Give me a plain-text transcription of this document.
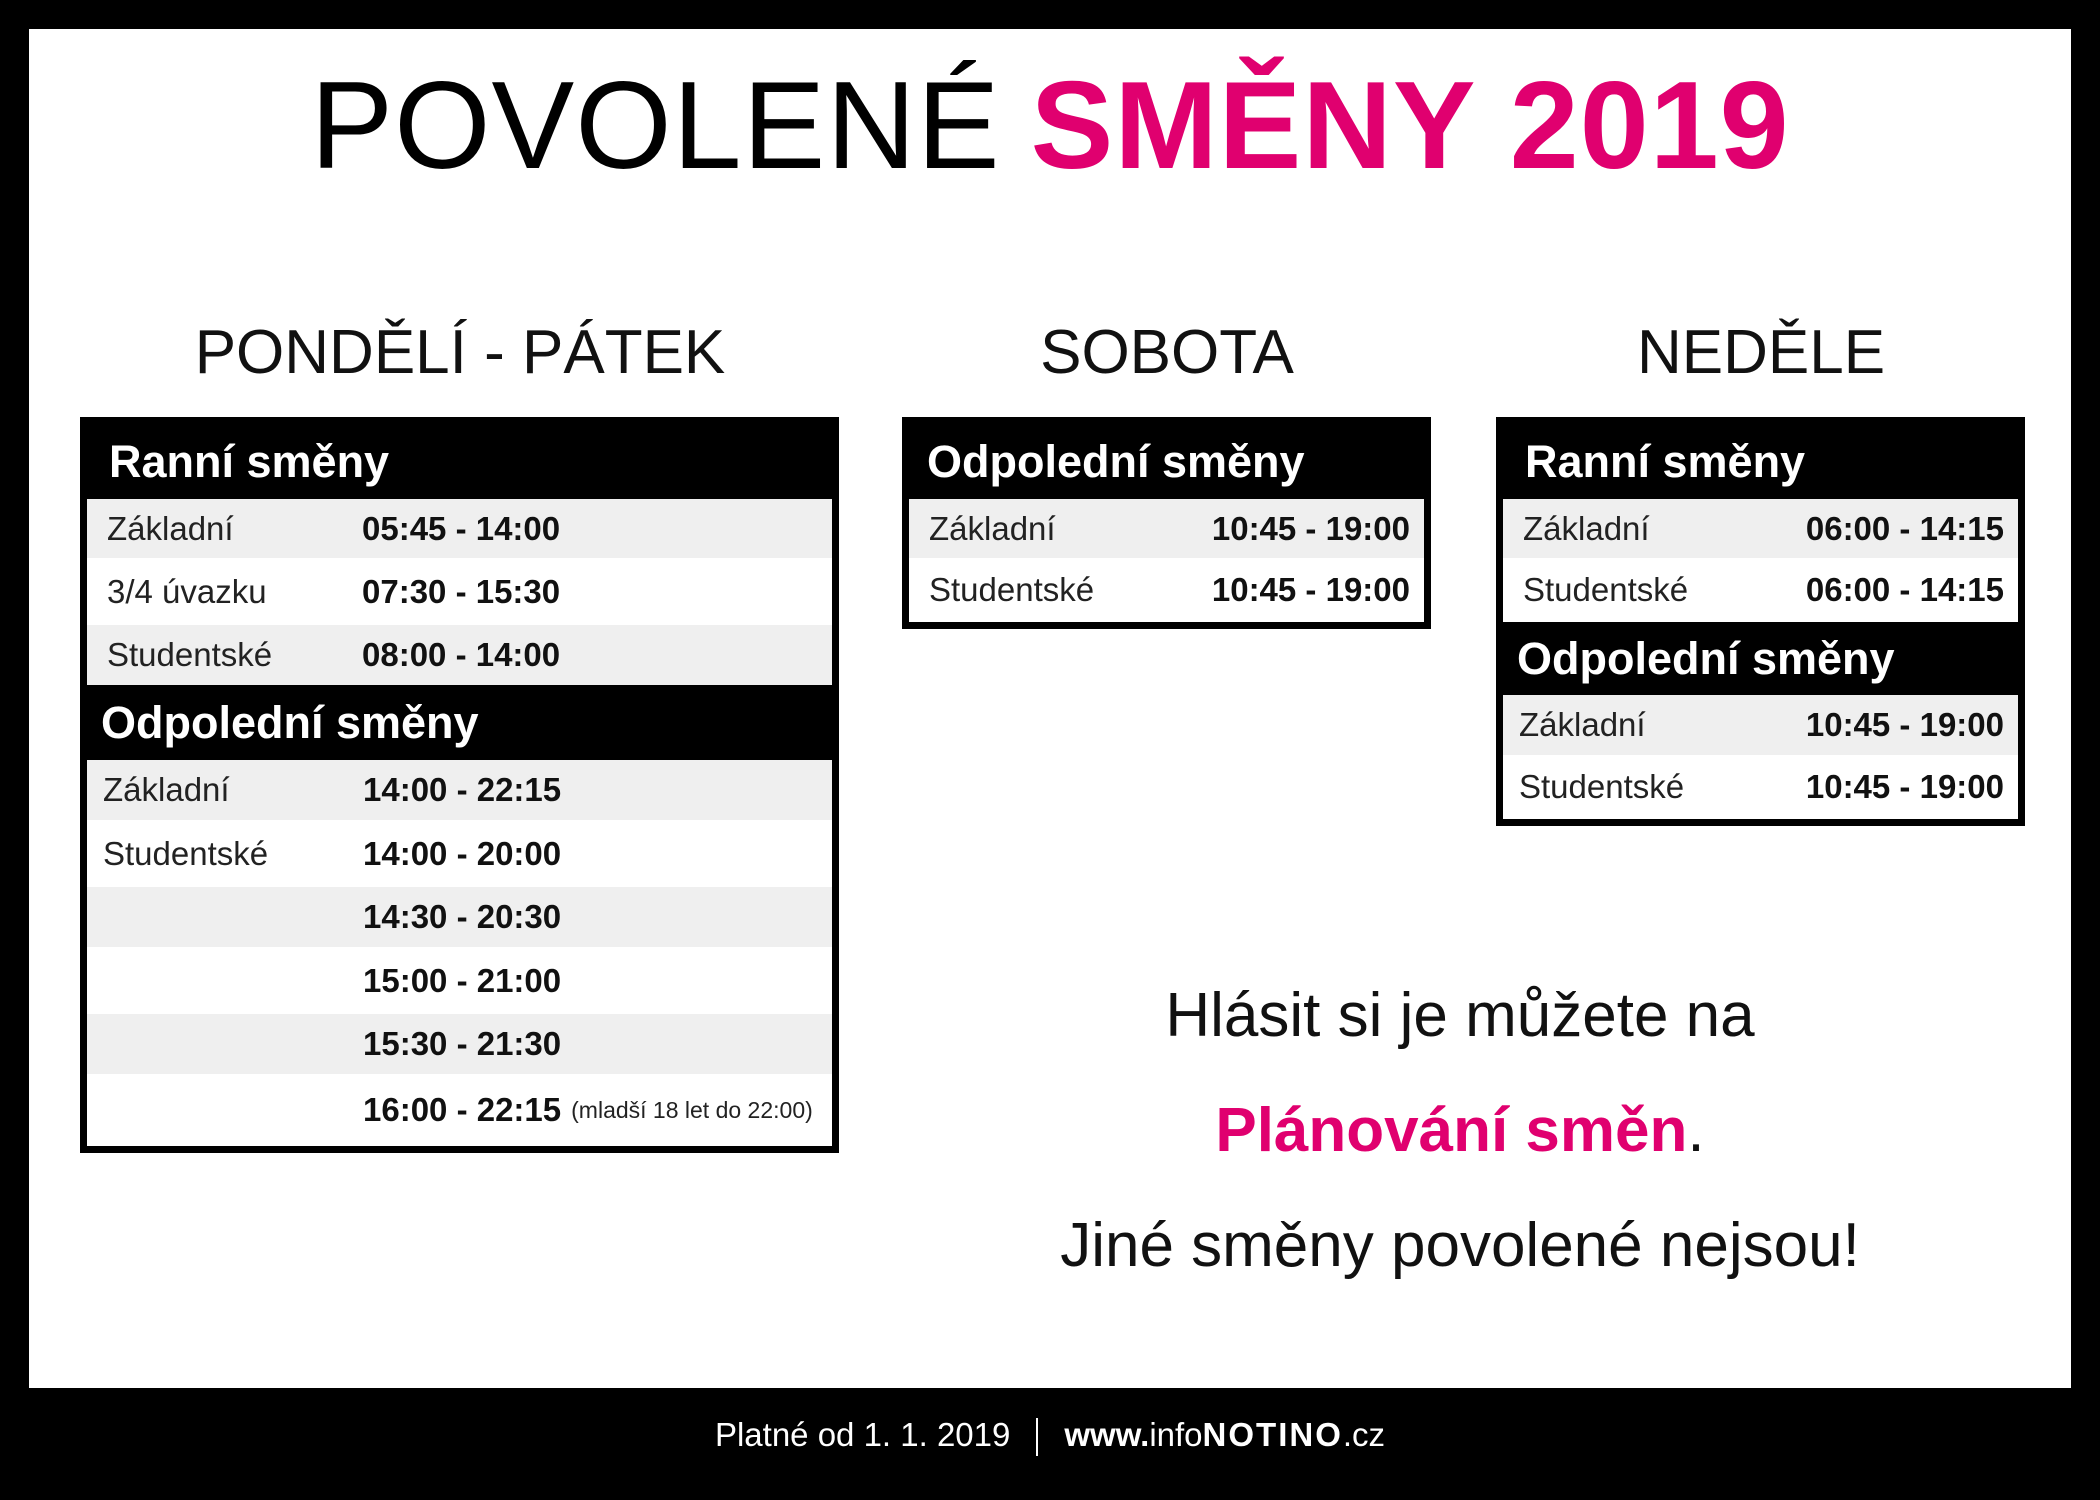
POVOLENÉ SMĚNY 2019
PONDĚLÍ - PÁTEK
Ranní směny
Základní	05:45 - 14:00
3/4 úvazku	07:30 - 15:30
Studentské	08:00 - 14:00
Odpolední směny
Základní	14:00 - 22:15
Studentské	14:00 - 20:00
14:30 - 20:30
15:00 - 21:00
15:30 - 21:30
16:00 - 22:15 (mladší 18 let do 22:00)
SOBOTA
Odpolední směny
Základní	10:45 - 19:00
Studentské	10:45 - 19:00
NEDĚLE
Ranní směny
Základní	06:00 - 14:15
Studentské	06:00 - 14:15
Odpolední směny
Základní	10:45 - 19:00
Studentské	10:45 - 19:00
Hlásit si je můžete na
Plánování směn.
Jiné směny povolené nejsou!
Platné od 1. 1. 2019 www.infoNOTINO.cz
